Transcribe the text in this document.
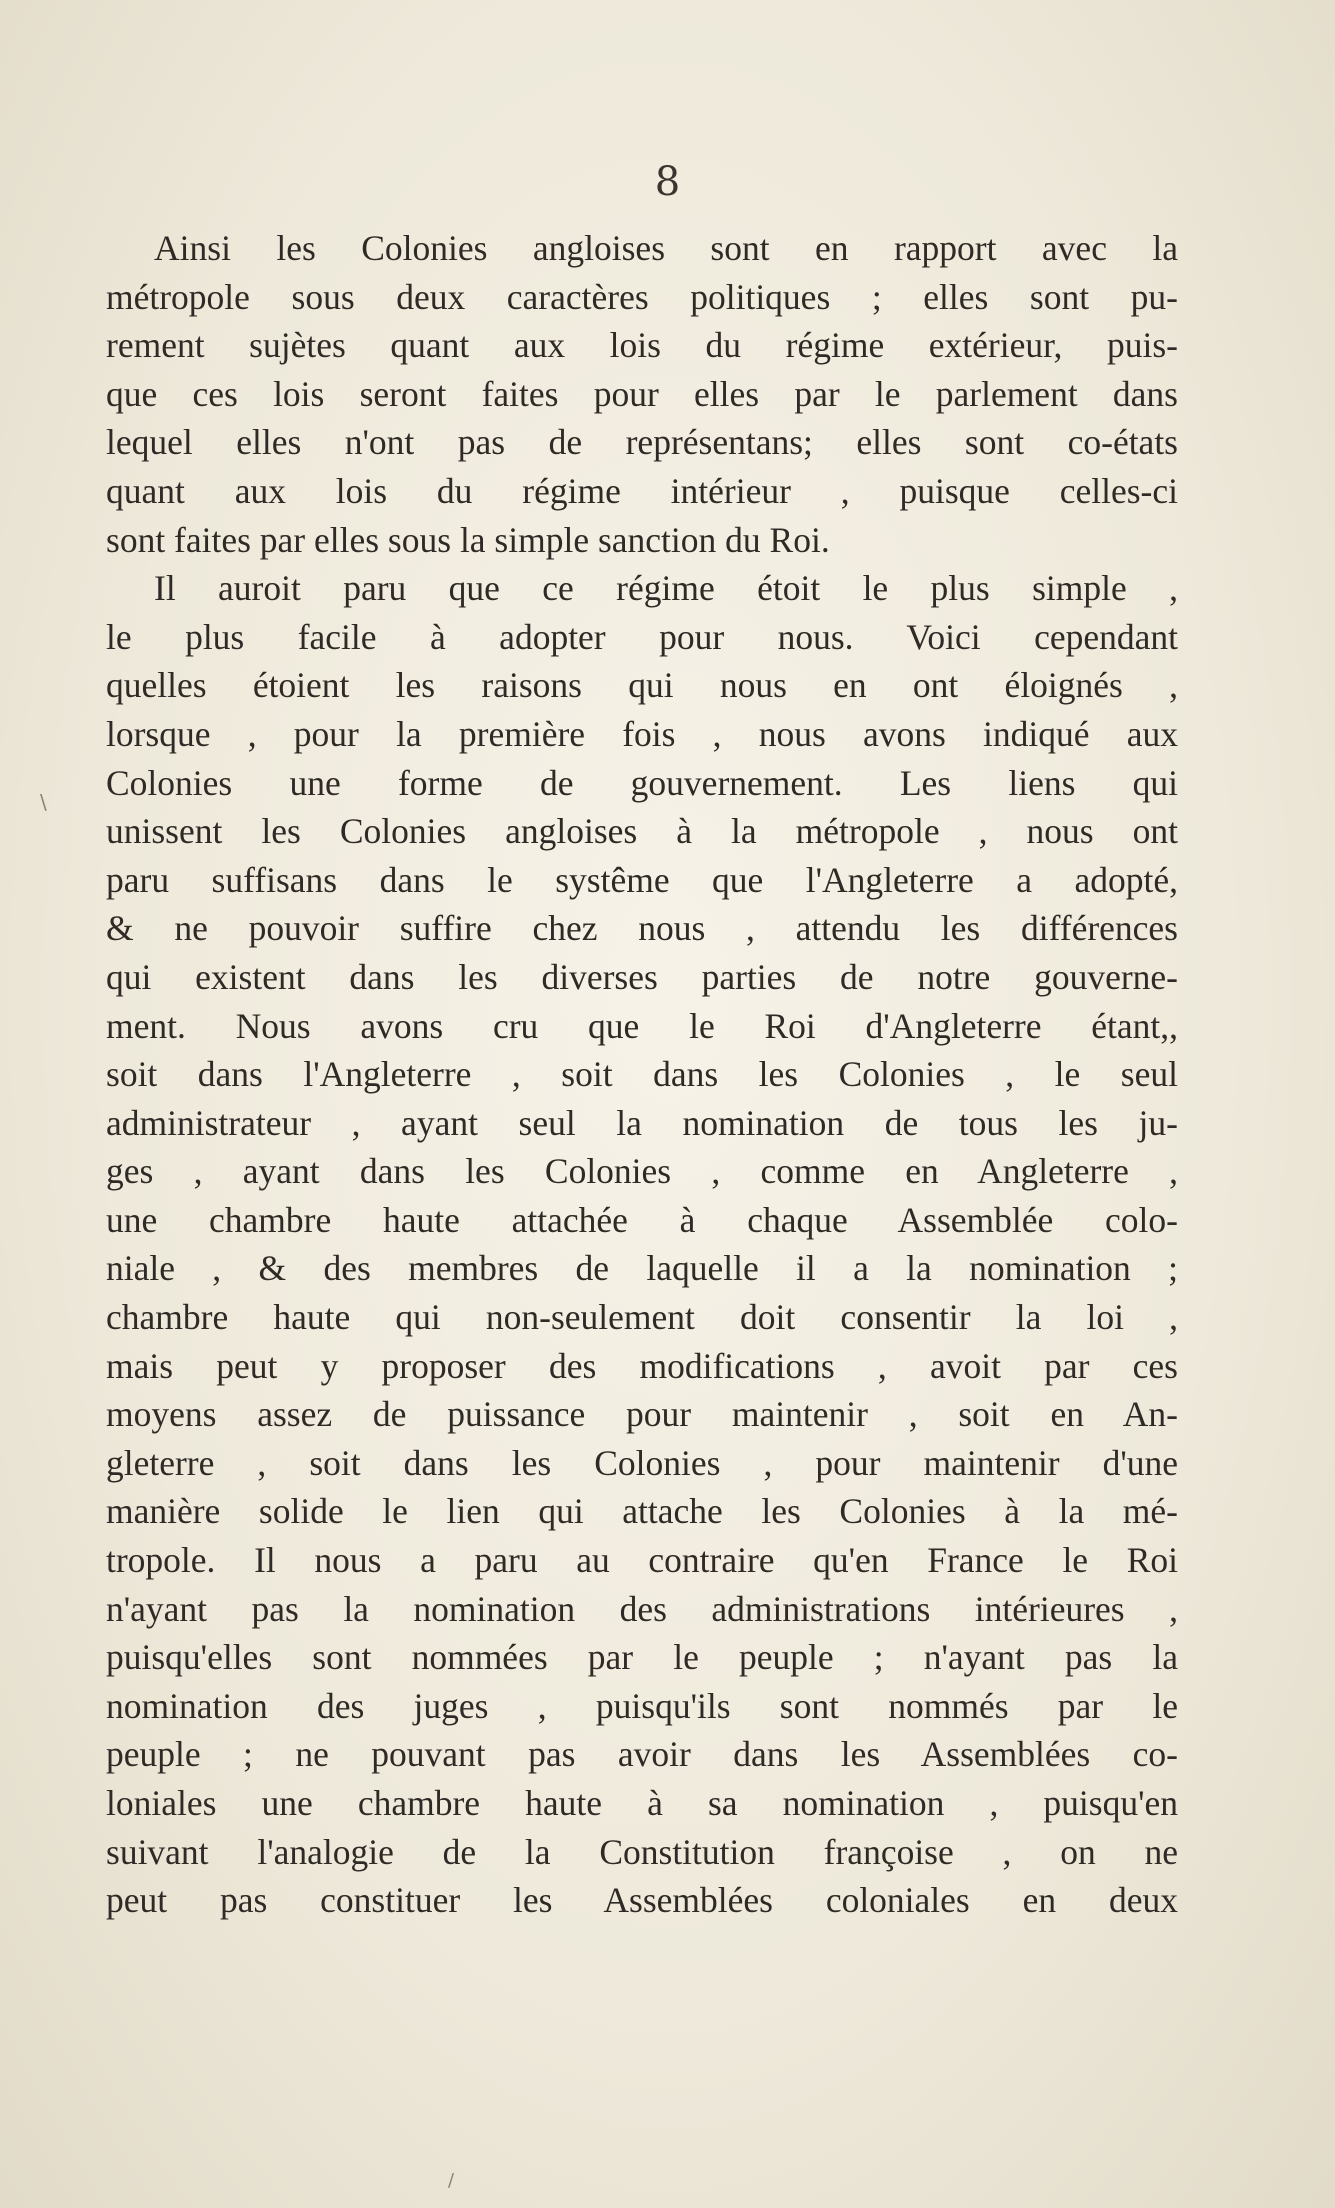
8
Ainsi les Colonies angloises sont en rapport avec la
métropole sous deux caractères politiques ; elles sont pu-
rement sujètes quant aux lois du régime extérieur, puis-
que ces lois seront faites pour elles par le parlement dans
lequel elles n'ont pas de représentans; elles sont co-états
quant aux lois du régime intérieur , puisque celles-ci
sont faites par elles sous la simple sanction du Roi.
Il auroit paru que ce régime étoit le plus simple ,
le plus facile à adopter pour nous. Voici cependant
quelles étoient les raisons qui nous en ont éloignés ,
lorsque , pour la première fois , nous avons indiqué aux
Colonies une forme de gouvernement. Les liens qui
unissent les Colonies angloises à la métropole , nous ont
paru suffisans dans le systême que l'Angleterre a adopté,
& ne pouvoir suffire chez nous , attendu les différences
qui existent dans les diverses parties de notre gouverne-
ment. Nous avons cru que le Roi d'Angleterre étant,,
soit dans l'Angleterre , soit dans les Colonies , le seul
administrateur , ayant seul la nomination de tous les ju-
ges , ayant dans les Colonies , comme en Angleterre ,
une chambre haute attachée à chaque Assemblée colo-
niale , & des membres de laquelle il a la nomination ;
chambre haute qui non-seulement doit consentir la loi ,
mais peut y proposer des modifications , avoit par ces
moyens assez de puissance pour maintenir , soit en An-
gleterre , soit dans les Colonies , pour maintenir d'une
manière solide le lien qui attache les Colonies à la mé-
tropole. Il nous a paru au contraire qu'en France le Roi
n'ayant pas la nomination des administrations intérieures ,
puisqu'elles sont nommées par le peuple ; n'ayant pas la
nomination des juges , puisqu'ils sont nommés par le
peuple ; ne pouvant pas avoir dans les Assemblées co-
loniales une chambre haute à sa nomination , puisqu'en
suivant l'analogie de la Constitution françoise , on ne
peut pas constituer les Assemblées coloniales en deux
\
/
